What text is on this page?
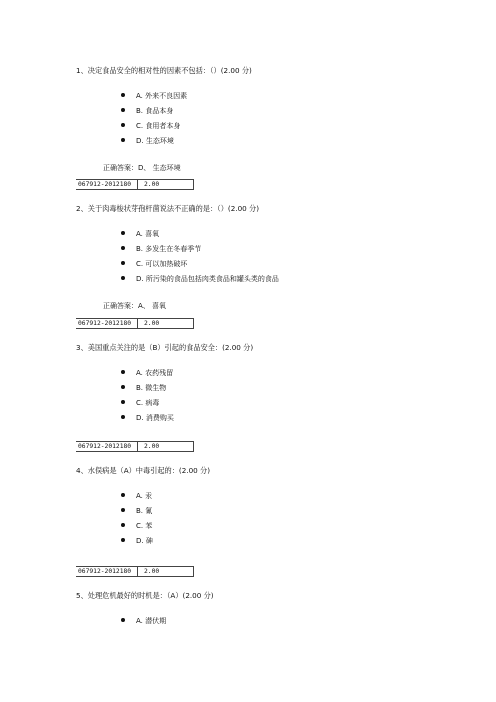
1、决定食品安全的相对性的因素不包括：（）(2.00 分)
A. 外来不良因素
B. 食品本身
C. 食用者本身
D. 生态环境
正确答案：D、 生态环境
067912-2012180 2.00
2、关于肉毒梭状芽孢杆菌说法不正确的是：（）(2.00 分)
A. 喜氧
B. 多发生在冬春季节
C. 可以加热破坏
D. 所污染的食品包括肉类食品和罐头类的食品
正确答案：A、 喜氧
067912-2012180 2.00
3、美国重点关注的是（B）引起的食品安全：(2.00 分)
A. 农药残留
B. 微生物
C. 病毒
D. 消费购买
067912-2012180 2.00
4、水俣病是（A）中毒引起的：(2.00 分)
A. 汞
B. 氰
C. 苯
D. 砷
067912-2012180 2.00
5、处理危机最好的时机是：（A）(2.00 分)
A. 潜伏期
